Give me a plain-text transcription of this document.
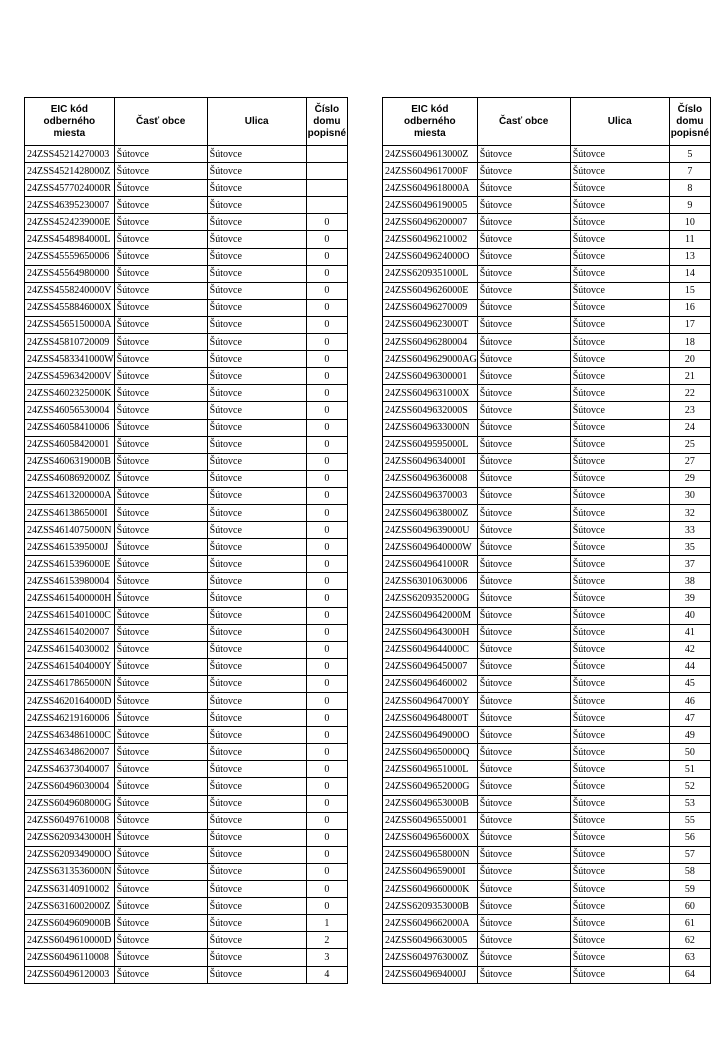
EIC kód
odberného
miesta	Časť obce	Ulica	Číslo
domu
popisné
24ZSS45214270003	Šútovce	Šútovce	
24ZSS4521428000Z	Šútovce	Šútovce	
24ZSS4577024000R	Šútovce	Šútovce	
24ZSS46395230007	Šútovce	Šútovce	
24ZSS4524239000E	Šútovce	Šútovce	0
24ZSS4548984000L	Šútovce	Šútovce	0
24ZSS45559650006	Šútovce	Šútovce	0
24ZSS45564980000	Šútovce	Šútovce	0
24ZSS4558240000V	Šútovce	Šútovce	0
24ZSS4558846000X	Šútovce	Šútovce	0
24ZSS4565150000A	Šútovce	Šútovce	0
24ZSS45810720009	Šútovce	Šútovce	0
24ZSS4583341000W	Šútovce	Šútovce	0
24ZSS4596342000V	Šútovce	Šútovce	0
24ZSS4602325000K	Šútovce	Šútovce	0
24ZSS46056530004	Šútovce	Šútovce	0
24ZSS46058410006	Šútovce	Šútovce	0
24ZSS46058420001	Šútovce	Šútovce	0
24ZSS4606319000B	Šútovce	Šútovce	0
24ZSS4608692000Z	Šútovce	Šútovce	0
24ZSS4613200000A	Šútovce	Šútovce	0
24ZSS4613865000I	Šútovce	Šútovce	0
24ZSS4614075000N	Šútovce	Šútovce	0
24ZSS4615395000J	Šútovce	Šútovce	0
24ZSS4615396000E	Šútovce	Šútovce	0
24ZSS46153980004	Šútovce	Šútovce	0
24ZSS4615400000H	Šútovce	Šútovce	0
24ZSS4615401000C	Šútovce	Šútovce	0
24ZSS46154020007	Šútovce	Šútovce	0
24ZSS46154030002	Šútovce	Šútovce	0
24ZSS4615404000Y	Šútovce	Šútovce	0
24ZSS4617865000N	Šútovce	Šútovce	0
24ZSS4620164000D	Šútovce	Šútovce	0
24ZSS46219160006	Šútovce	Šútovce	0
24ZSS4634861000C	Šútovce	Šútovce	0
24ZSS46348620007	Šútovce	Šútovce	0
24ZSS46373040007	Šútovce	Šútovce	0
24ZSS60496030004	Šútovce	Šútovce	0
24ZSS6049608000G	Šútovce	Šútovce	0
24ZSS60497610008	Šútovce	Šútovce	0
24ZSS6209343000H	Šútovce	Šútovce	0
24ZSS6209349000O	Šútovce	Šútovce	0
24ZSS6313536000N	Šútovce	Šútovce	0
24ZSS63140910002	Šútovce	Šútovce	0
24ZSS6316002000Z	Šútovce	Šútovce	0
24ZSS6049609000B	Šútovce	Šútovce	1
24ZSS6049610000D	Šútovce	Šútovce	2
24ZSS60496110008	Šútovce	Šútovce	3
24ZSS60496120003	Šútovce	Šútovce	4
EIC kód
odberného
miesta	Časť obce	Ulica	Číslo
domu
popisné
24ZSS6049613000Z	Šútovce	Šútovce	5
24ZSS6049617000F	Šútovce	Šútovce	7
24ZSS6049618000A	Šútovce	Šútovce	8
24ZSS60496190005	Šútovce	Šútovce	9
24ZSS60496200007	Šútovce	Šútovce	10
24ZSS60496210002	Šútovce	Šútovce	11
24ZSS6049624000O	Šútovce	Šútovce	13
24ZSS6209351000L	Šútovce	Šútovce	14
24ZSS6049626000E	Šútovce	Šútovce	15
24ZSS60496270009	Šútovce	Šútovce	16
24ZSS6049623000T	Šútovce	Šútovce	17
24ZSS60496280004	Šútovce	Šútovce	18
24ZSS6049629000AG	Šútovce	Šútovce	20
24ZSS60496300001	Šútovce	Šútovce	21
24ZSS6049631000X	Šútovce	Šútovce	22
24ZSS6049632000S	Šútovce	Šútovce	23
24ZSS6049633000N	Šútovce	Šútovce	24
24ZSS6049595000L	Šútovce	Šútovce	25
24ZSS6049634000I	Šútovce	Šútovce	27
24ZSS60496360008	Šútovce	Šútovce	29
24ZSS60496370003	Šútovce	Šútovce	30
24ZSS6049638000Z	Šútovce	Šútovce	32
24ZSS6049639000U	Šútovce	Šútovce	33
24ZSS6049640000W	Šútovce	Šútovce	35
24ZSS6049641000R	Šútovce	Šútovce	37
24ZSS63010630006	Šútovce	Šútovce	38
24ZSS6209352000G	Šútovce	Šútovce	39
24ZSS6049642000M	Šútovce	Šútovce	40
24ZSS6049643000H	Šútovce	Šútovce	41
24ZSS6049644000C	Šútovce	Šútovce	42
24ZSS60496450007	Šútovce	Šútovce	44
24ZSS60496460002	Šútovce	Šútovce	45
24ZSS6049647000Y	Šútovce	Šútovce	46
24ZSS6049648000T	Šútovce	Šútovce	47
24ZSS6049649000O	Šútovce	Šútovce	49
24ZSS6049650000Q	Šútovce	Šútovce	50
24ZSS6049651000L	Šútovce	Šútovce	51
24ZSS6049652000G	Šútovce	Šútovce	52
24ZSS6049653000B	Šútovce	Šútovce	53
24ZSS60496550001	Šútovce	Šútovce	55
24ZSS6049656000X	Šútovce	Šútovce	56
24ZSS6049658000N	Šútovce	Šútovce	57
24ZSS6049659000I	Šútovce	Šútovce	58
24ZSS6049660000K	Šútovce	Šútovce	59
24ZSS6209353000B	Šútovce	Šútovce	60
24ZSS6049662000A	Šútovce	Šútovce	61
24ZSS60496630005	Šútovce	Šútovce	62
24ZSS6049763000Z	Šútovce	Šútovce	63
24ZSS6049694000J	Šútovce	Šútovce	64
